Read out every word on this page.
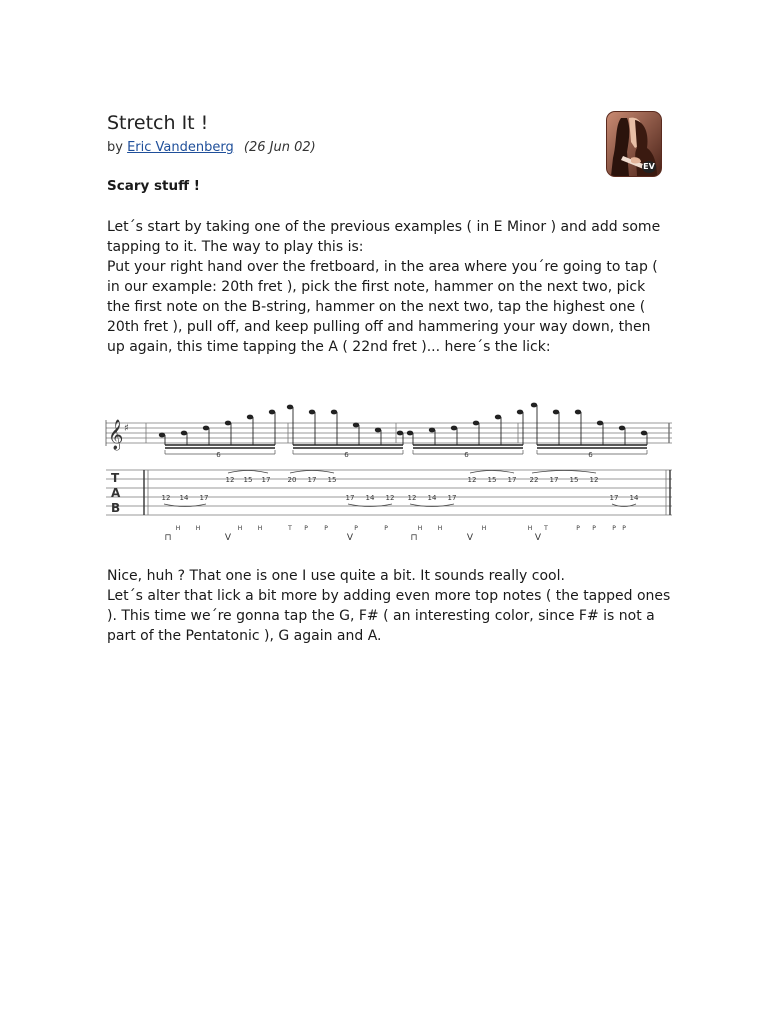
Stretch It !
by Eric Vandenberg (26 Jun 02)
EV
Scary stuff !

Let´s start by taking one of the previous examples ( in E Minor ) and add some tapping to it. The way to play this is:

Put your right hand over the fretboard, in the area where you´re going to tap ( in our example: 20th fret ), pick the first note, hammer on the next two, pick the first note on the B-string, hammer on the next two, tap the highest one ( 20th fret ), pull off, and keep pulling off and hammering your way down, then up again, this time tapping the A ( 22nd fret )... here´s the lick:

𝄞 ♯
6	6	6	6
T
A
B
12 15 17 20 17 15	12 15 17 22 17 15 12
12 14 17	17 14 12 12 14 17	17 14
H	H	H	H	T P	P	P	P	H	H	H	H T	P P	P P
⊓	V	V	⊓	V	V

Nice, huh ? That one is one I use quite a bit. It sounds really cool.

Let´s alter that lick a bit more by adding even more top notes ( the tapped ones ). This time we´re gonna tap the G, F# ( an interesting color, since F# is not a part of the Pentatonic ), G again and A.
